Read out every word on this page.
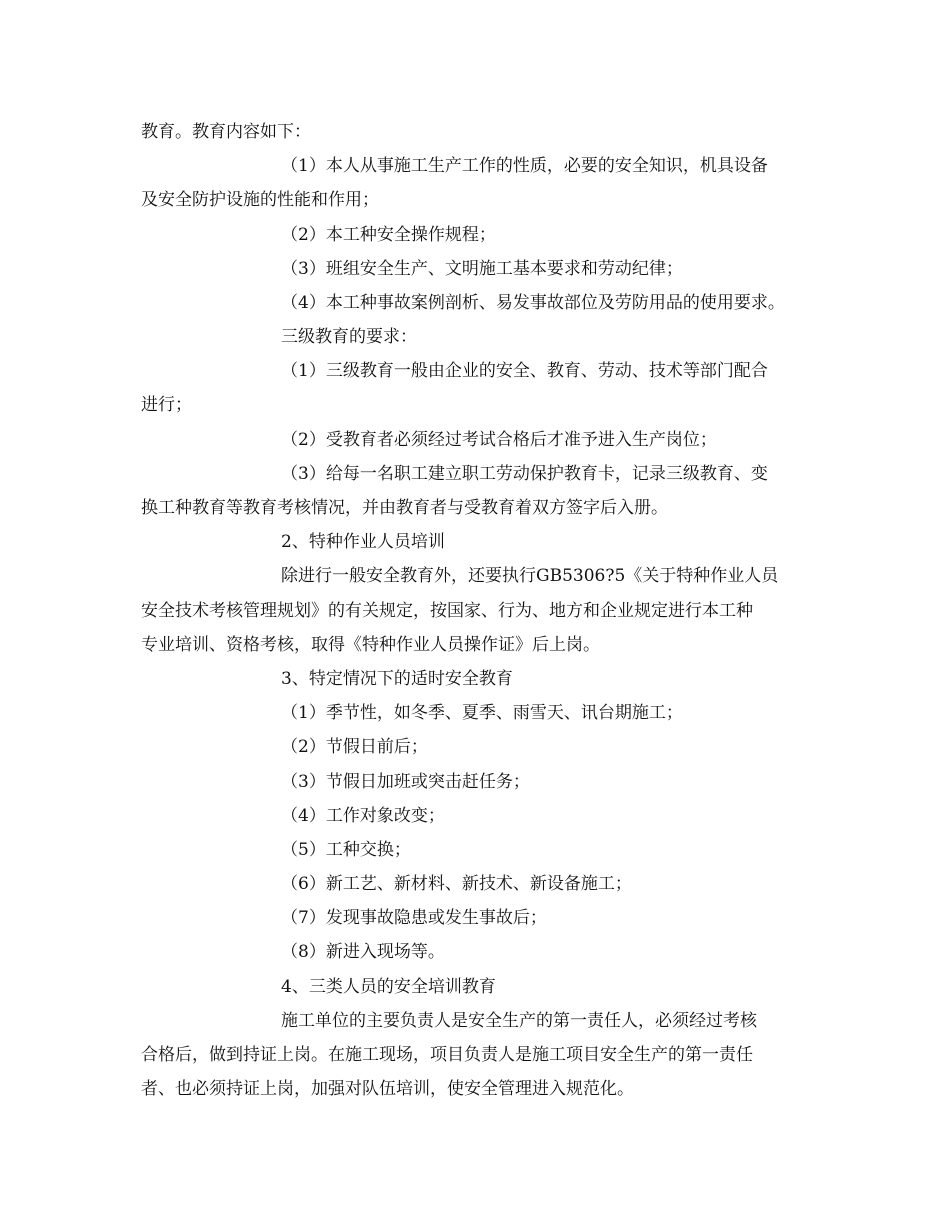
教育。教育内容如下：
（1）本人从事施工生产工作的性质，必要的安全知识，机具设备
及安全防护设施的性能和作用；
（2）本工种安全操作规程；
（3）班组安全生产、文明施工基本要求和劳动纪律；
（4）本工种事故案例剖析、易发事故部位及劳防用品的使用要求。
三级教育的要求：
（1）三级教育一般由企业的安全、教育、劳动、技术等部门配合
进行；
（2）受教育者必须经过考试合格后才准予进入生产岗位；
（3）给每一名职工建立职工劳动保护教育卡，记录三级教育、变
换工种教育等教育考核情况，并由教育者与受教育着双方签字后入册。
2、特种作业人员培训
除进行一般安全教育外，还要执行GB5306?5《关于特种作业人员
安全技术考核管理规划》的有关规定，按国家、行为、地方和企业规定进行本工种
专业培训、资格考核，取得《特种作业人员操作证》后上岗。
3、特定情况下的适时安全教育
（1）季节性，如冬季、夏季、雨雪天、讯台期施工；
（2）节假日前后；
（3）节假日加班或突击赶任务；
（4）工作对象改变；
（5）工种交换；
（6）新工艺、新材料、新技术、新设备施工；
（7）发现事故隐患或发生事故后；
（8）新进入现场等。
4、三类人员的安全培训教育
施工单位的主要负责人是安全生产的第一责任人，必须经过考核
合格后，做到持证上岗。在施工现场，项目负责人是施工项目安全生产的第一责任
者、也必须持证上岗，加强对队伍培训，使安全管理进入规范化。
